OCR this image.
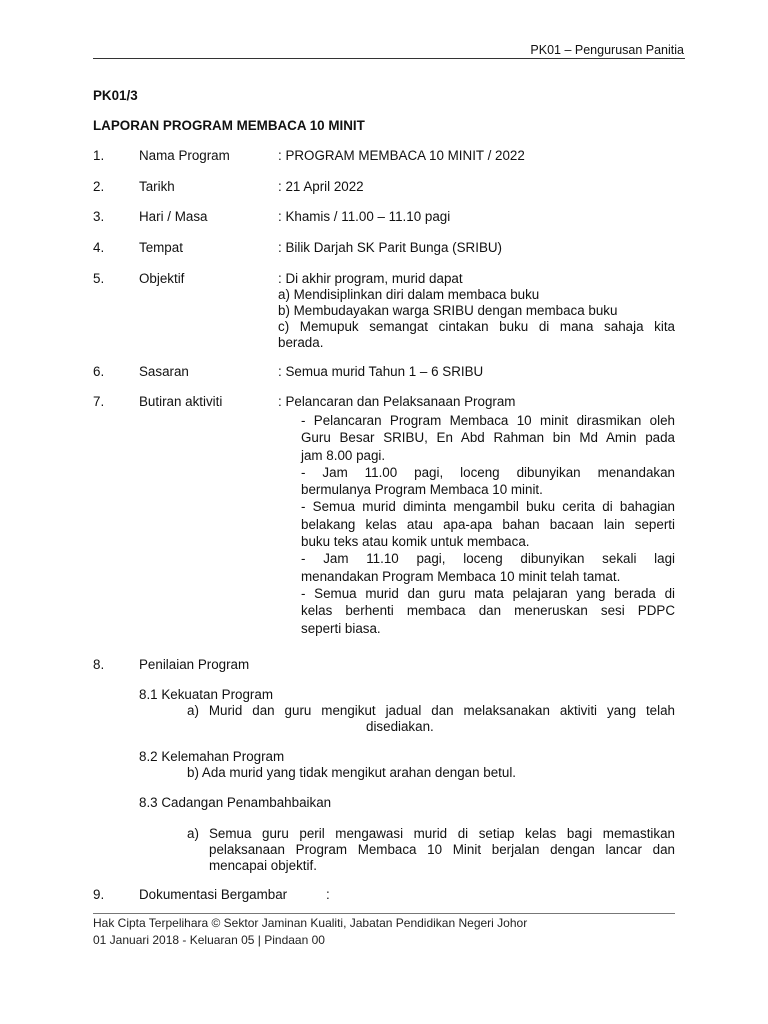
PK01 – Pengurusan Panitia
PK01/3
LAPORAN PROGRAM MEMBACA 10 MINIT
1.	Nama Program	: PROGRAM MEMBACA 10 MINIT / 2022
2.	Tarikh	: 21 April 2022
3.	Hari / Masa	: Khamis / 11.00 – 11.10 pagi
4.	Tempat	: Bilik Darjah SK Parit Bunga (SRIBU)
5.	Objektif	: Di akhir program, murid dapat
a) Mendisiplinkan diri dalam membaca buku
b) Membudayakan warga SRIBU dengan membaca buku
c) Memupuk semangat cintakan buku di mana sahaja kita
berada.
6.	Sasaran	: Semua murid Tahun 1 – 6 SRIBU
7.	Butiran aktiviti	: Pelancaran dan Pelaksanaan Program
- Pelancaran Program Membaca 10 minit dirasmikan oleh
Guru Besar SRIBU, En Abd Rahman bin Md Amin pada
jam 8.00 pagi.
- Jam 11.00 pagi, loceng dibunyikan menandakan
bermulanya Program Membaca 10 minit.
- Semua murid diminta mengambil buku cerita di bahagian
belakang kelas atau apa-apa bahan bacaan lain seperti
buku teks atau komik untuk membaca.
- Jam 11.10 pagi, loceng dibunyikan sekali lagi
menandakan Program Membaca 10 minit telah tamat.
- Semua murid dan guru mata pelajaran yang berada di
kelas berhenti membaca dan meneruskan sesi PDPC
seperti biasa.
8.	Penilaian Program
8.1 Kekuatan Program
a) Murid dan guru mengikut jadual dan melaksanakan aktiviti yang telah
disediakan.
8.2 Kelemahan Program
b) Ada murid yang tidak mengikut arahan dengan betul.
8.3 Cadangan Penambahbaikan
a) Semua guru peril mengawasi murid di setiap kelas bagi memastikan
pelaksanaan Program Membaca 10 Minit berjalan dengan lancar dan
mencapai objektif.
9.	Dokumentasi Bergambar	:
Hak Cipta Terpelihara © Sektor Jaminan Kualiti, Jabatan Pendidikan Negeri Johor
01 Januari 2018 - Keluaran 05 | Pindaan 00
